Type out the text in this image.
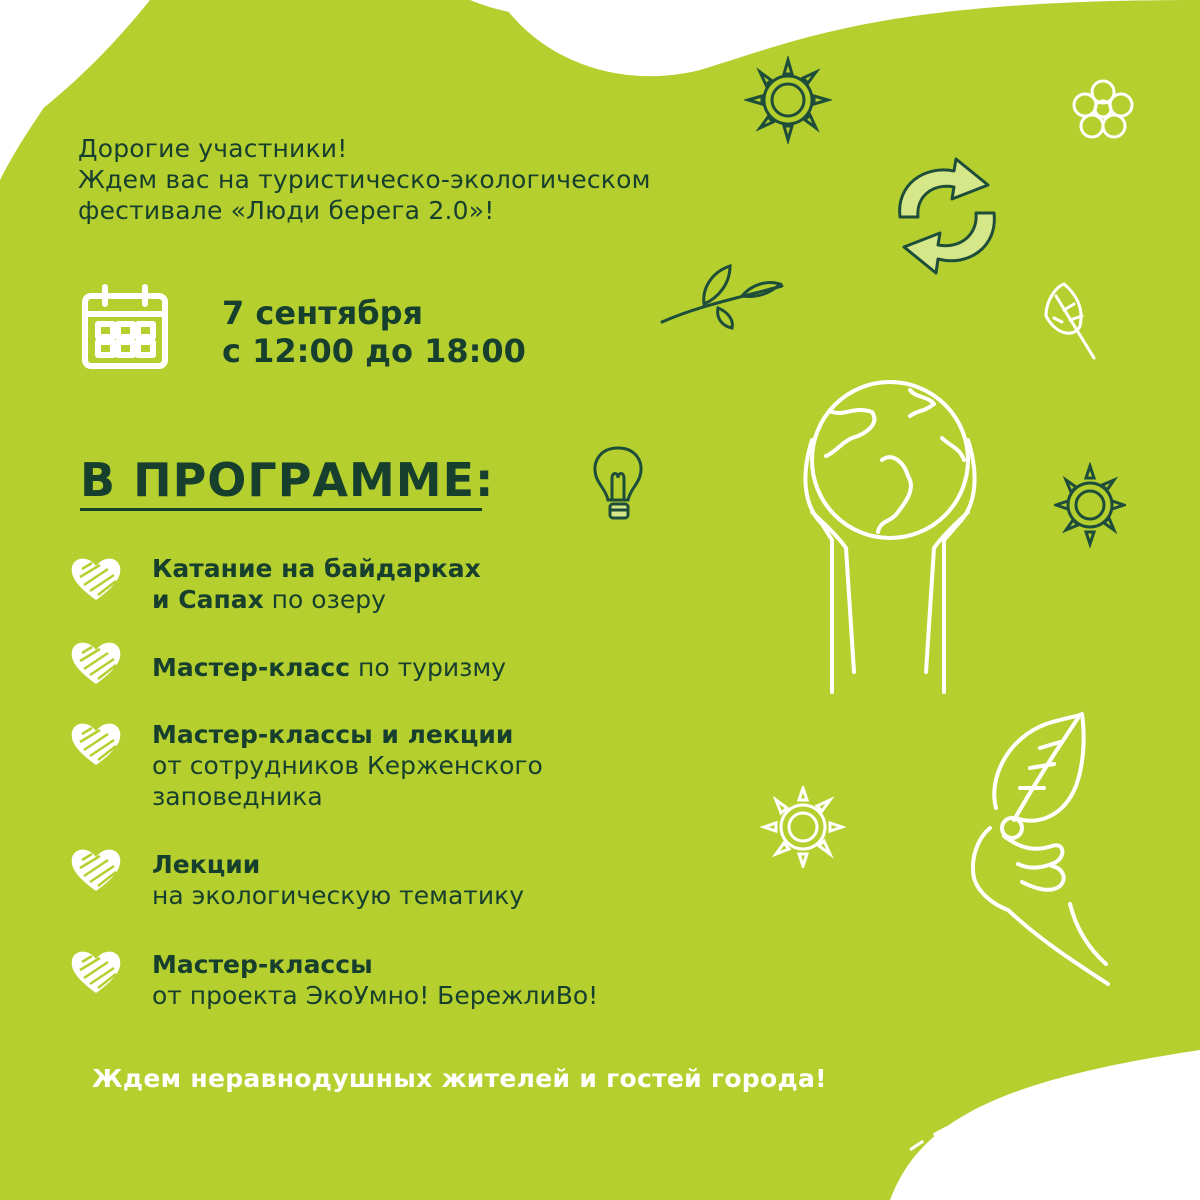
Дорогие участники!
Ждем вас на туристическо-экологическом
фестивале «Люди берега 2.0»!
7 сентября
с 12:00 до 18:00
В ПРОГРАММЕ:
Катание на байдарках
и Сапах по озеру
Мастер-класс по туризму
Мастер-классы и лекции
от сотрудников Керженского
заповедника
Лекции
на экологическую тематику
Мастер-классы
от проекта ЭкоУмно! БережлиВо!
Ждем неравнодушных жителей и гостей города!
